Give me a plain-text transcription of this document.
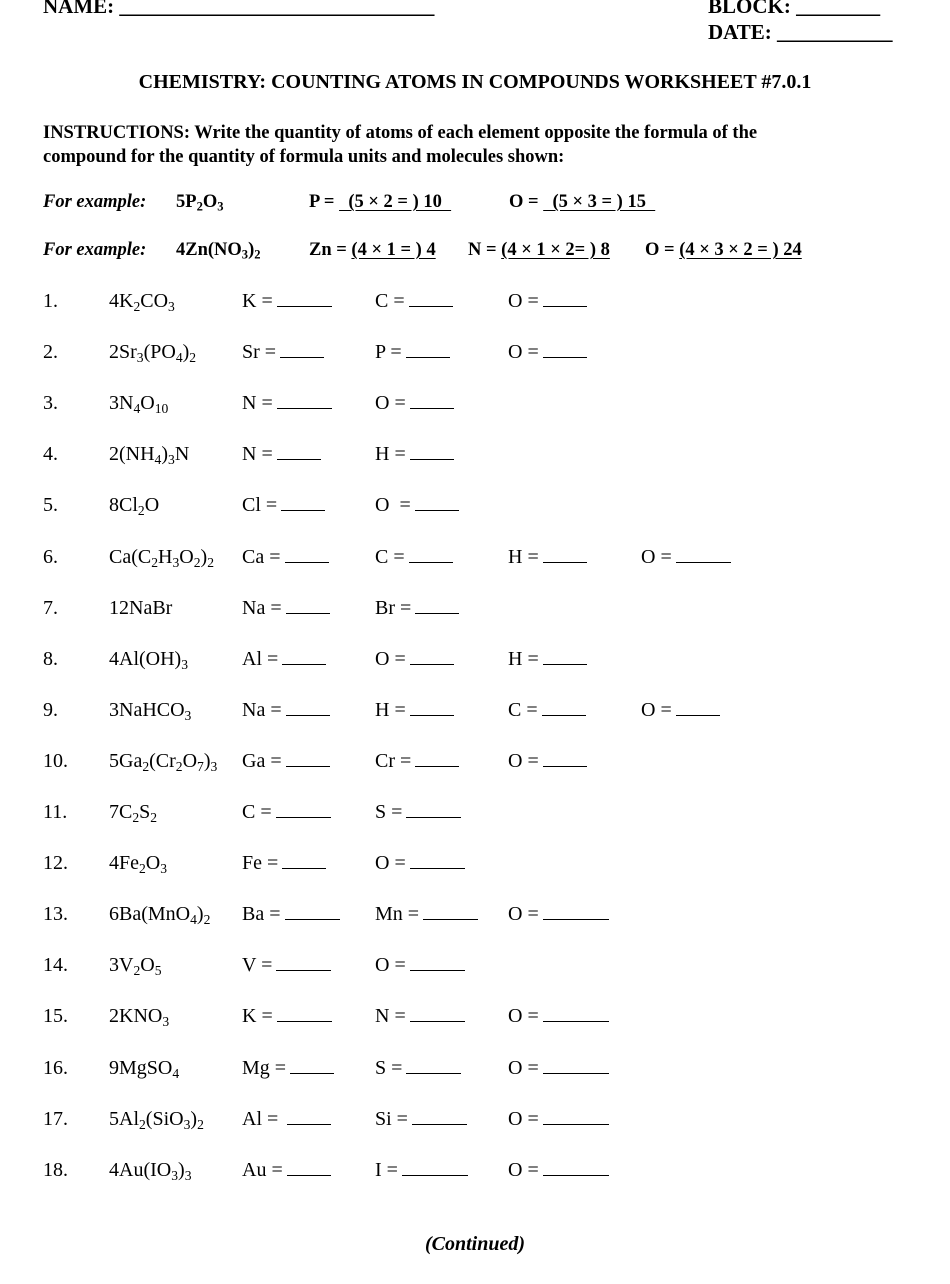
NAME: ______________________________	BLOCK: ________
DATE: ___________
CHEMISTRY: COUNTING ATOMS IN COMPOUNDS WORKSHEET #7.0.1
INSTRUCTIONS: Write the quantity of atoms of each element opposite the formula of the
compound for the quantity of formula units and molecules shown:
For example: $5P_2O_3$	P =   (5 × 2 = ) 10	O =   (5 × 3 = ) 15
For example: $4Zn(NO_3)_2$	Zn = (4 × 1 = ) 4 N = (4 × 1 × 2= ) 8 O = (4 × 3 × 2 = ) 24
1.	$4K_2CO_3$	K =	C =	O =
2.	$2Sr_3(PO_4)_2$ Sr =	P =	O =
3.	$3N_4O_{10}$	N =	O =
4.	$2(NH_4)_3N$	N =	H =
5.	$8Cl_2O$	Cl =	O  =
6.	$Ca(C_2H_3O_2)_2$ Ca =	C =	H =	O =
7.	12NaBr	Na =	Br =
8.	$4Al(OH)_3$	Al =	O =	H =
9.	3NaHCO$_3$	Na =	H =	C =	O =
10. $5Ga_2(Cr_2O_7)_3$ Ga =	Cr =	O =
11. $7C_2S_2$	C =	S =
12. $4Fe_2O_3$	Fe =	O =
13. $6Ba(MnO_4)_2$ Ba =	Mn =	O =
14. $3V_2O_5$	V =	O =
15. $2KNO_3$	K =	N =	O =
16. 9MgSO$_4$	Mg =	S =	O =
17. $5Al_2(SiO_3)_2$ Al =	Si =	O =
18. $4Au(IO_3)_3$	Au =	I =	O =
(Continued)
